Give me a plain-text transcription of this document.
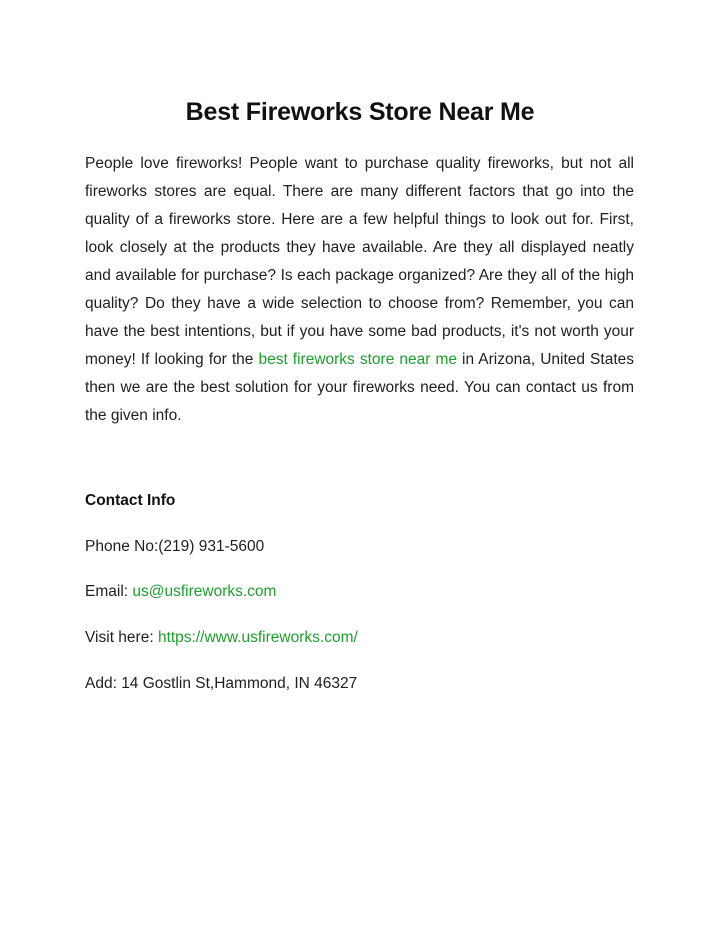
Best Fireworks Store Near Me

People love fireworks! People want to purchase quality fireworks, but not all fireworks stores are equal. There are many different factors that go into the quality of a fireworks store. Here are a few helpful things to look out for. First, look closely at the products they have available. Are they all displayed neatly and available for purchase? Is each package organized? Are they all of the high quality? Do they have a wide selection to choose from? Remember, you can have the best intentions, but if you have some bad products, it's not worth your money! If looking for the best fireworks store near me in Arizona, United States then we are the best solution for your fireworks need. You can contact us from the given info.

Contact Info

Phone No:(219) 931-5600

Email: us@usfireworks.com

Visit here: https://www.usfireworks.com/

Add: 14 Gostlin St,Hammond, IN 46327
